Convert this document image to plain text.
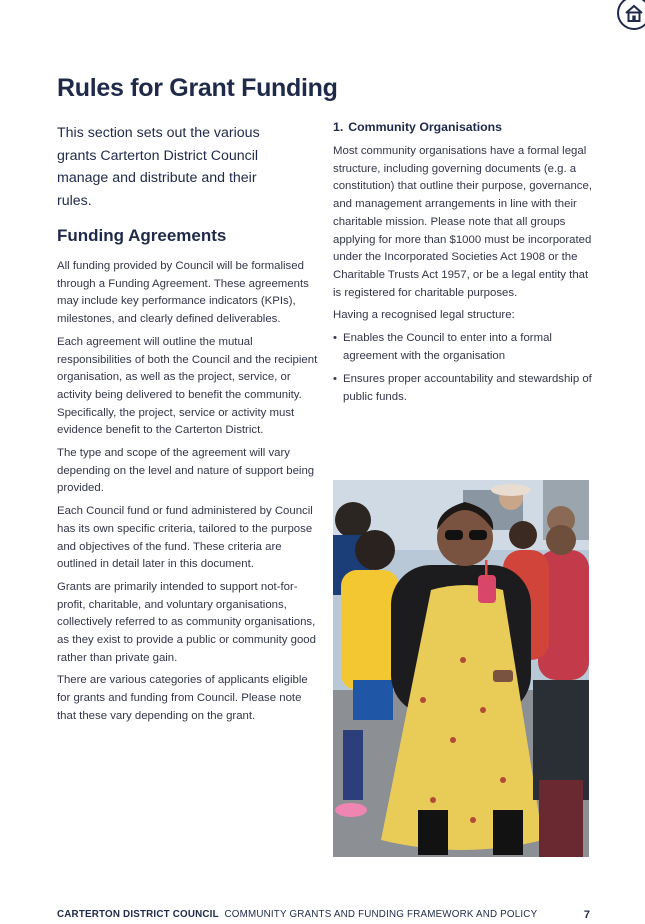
Rules for Grant Funding

This section sets out the various grants Carterton District Council manage and distribute and their rules.

Funding Agreements

All funding provided by Council will be formalised through a Funding Agreement. These agreements may include key performance indicators (KPIs), milestones, and clearly defined deliverables.

Each agreement will outline the mutual responsibilities of both the Council and the recipient organisation, as well as the project, service, or activity being delivered to benefit the community. Specifically, the project, service or activity must evidence benefit to the Carterton District.

The type and scope of the agreement will vary depending on the level and nature of support being provided.

Each Council fund or fund administered by Council has its own specific criteria, tailored to the purpose and objectives of the fund. These criteria are outlined in detail later in this document.

Grants are primarily intended to support not-for-profit, charitable, and voluntary organisations, collectively referred to as community organisations, as they exist to provide a public or community good rather than private gain.

There are various categories of applicants eligible for grants and funding from Council. Please note that these vary depending on the grant.

1. Community Organisations

Most community organisations have a formal legal structure, including governing documents (e.g. a constitution) that outline their purpose, governance, and management arrangements in line with their charitable mission. Please note that all groups applying for more than $1000 must be incorporated under the Incorporated Societies Act 1908 or the Charitable Trusts Act 1957, or be a legal entity that is registered for charitable purposes.

Having a recognised legal structure:

• Enables the Council to enter into a formal agreement with the organisation
• Ensures proper accountability and stewardship of public funds.
CARTERTON DISTRICT COUNCIL COMMUNITY GRANTS AND FUNDING FRAMEWORK AND POLICY	7
